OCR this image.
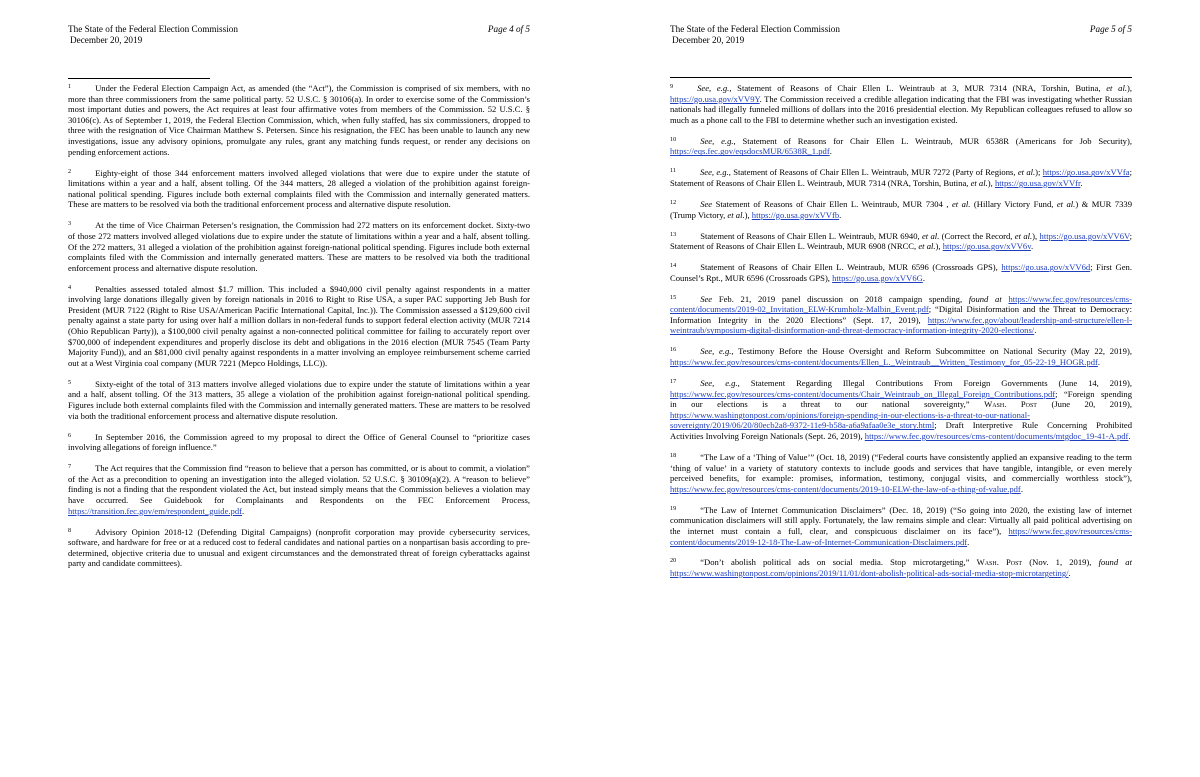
The State of the Federal Election Commission
December 20, 2019
Page 4 of 5

$^1$	Under the Federal Election Campaign Act, as amended (the “Act”), the Commission is comprised of six members, with no more than three commissioners from the same political party. 52 U.S.C. § 30106(a). In order to exercise some of the Commission’s most important duties and powers, the Act requires at least four affirmative votes from members of the Commission. 52 U.S.C. § 30106(c). As of September 1, 2019, the Federal Election Commission, which, when fully staffed, has six commissioners, dropped to three with the resignation of Vice Chairman Matthew S. Petersen. Since his resignation, the FEC has been unable to launch any new investigations, issue any advisory opinions, promulgate any rules, grant any matching funds request, or render any decisions on pending enforcement actions.

$^2$	Eighty-eight of those 344 enforcement matters involved alleged violations that were due to expire under the statute of limitations within a year and a half, absent tolling. Of the 344 matters, 28 alleged a violation of the prohibition against foreign-national political spending. Figures include both external complaints filed with the Commission and internally generated matters. These are matters to be resolved via both the traditional enforcement process and alternative dispute resolution.

$^3$	At the time of Vice Chairman Petersen’s resignation, the Commission had 272 matters on its enforcement docket. Sixty-two of those 272 matters involved alleged violations due to expire under the statute of limitations within a year and a half, absent tolling. Of the 272 matters, 31 alleged a violation of the prohibition against foreign-national political spending. Figures include both external complaints filed with the Commission and internally generated matters. These are matters to be resolved via both the traditional enforcement process and alternative dispute resolution.

$^4$	Penalties assessed totaled almost $1.7 million. This included a $940,000 civil penalty against respondents in a matter involving large donations illegally given by foreign nationals in 2016 to Right to Rise USA, a super PAC supporting Jeb Bush for President (MUR 7122 (Right to Rise USA/American Pacific International Capital, Inc.)). The Commission assessed a $129,600 civil penalty against a state party for using over half a million dollars in non-federal funds to support federal election activity (MUR 7214 (Ohio Republican Party)), a $100,000 civil penalty against a non-connected political committee for failing to accurately report over $700,000 of independent expenditures and properly disclose its debt and obligations in the 2016 election (MUR 7545 (Team Party Majority Fund)), and an $81,000 civil penalty against respondents in a matter involving an employee reimbursement scheme carried out at a West Virginia coal company (MUR 7221 (Mepco Holdings, LLC)).

$^5$	Sixty-eight of the total of 313 matters involve alleged violations due to expire under the statute of limitations within a year and a half, absent tolling. Of the 313 matters, 35 allege a violation of the prohibition against foreign-national political spending. Figures include both external complaints filed with the Commission and internally generated matters. These are matters to be resolved via both the traditional enforcement process and alternative dispute resolution.

$^6$	In September 2016, the Commission agreed to my proposal to direct the Office of General Counsel to “prioritize cases involving allegations of foreign influence.”

$^7$	The Act requires that the Commission find “reason to believe that a person has committed, or is about to commit, a violation” of the Act as a precondition to opening an investigation into the alleged violation. 52 U.S.C. § 30109(a)(2). A “reason to believe” finding is not a finding that the respondent violated the Act, but instead simply means that the Commission believes a violation may have occurred. See Guidebook for Complainants and Respondents on the FEC Enforcement Process, https://transition.fec.gov/em/respondent_guide.pdf.

$^8$	Advisory Opinion 2018-12 (Defending Digital Campaigns) (nonprofit corporation may provide cybersecurity services, software, and hardware for free or at a reduced cost to federal candidates and national parties on a nonpartisan basis according to pre-determined, objective criteria due to unusual and exigent circumstances and the demonstrated threat of foreign cyberattacks against party and candidate committees).

The State of the Federal Election Commission
December 20, 2019
Page 5 of 5

$^9$	See, e.g., Statement of Reasons of Chair Ellen L. Weintraub at 3, MUR 7314 (NRA, Torshin, Butina, et al.), https://go.usa.gov/xVV9Y. The Commission received a credible allegation indicating that the FBI was investigating whether Russian nationals had illegally funneled millions of dollars into the 2016 presidential election. My Republican colleagues refused to allow so much as a phone call to the FBI to determine whether such an investigation existed.

$^{10}$	See, e.g., Statement of Reasons for Chair Ellen L. Weintraub, MUR 6538R (Americans for Job Security), https://eqs.fec.gov/eqsdocsMUR/6538R_1.pdf.

$^{11}$	See, e.g., Statement of Reasons of Chair Ellen L. Weintraub, MUR 7272 (Party of Regions, et al.); https://go.usa.gov/xVVfa; Statement of Reasons of Chair Ellen L. Weintraub, MUR 7314 (NRA, Torshin, Butina, et al.), https://go.usa.gov/xVVfr.

$^{12}$	See Statement of Reasons of Chair Ellen L. Weintraub, MUR 7304 , et al. (Hillary Victory Fund, et al.) & MUR 7339 (Trump Victory, et al.), https://go.usa.gov/xVVfb.

$^{13}$	Statement of Reasons of Chair Ellen L. Weintraub, MUR 6940, et al. (Correct the Record, et al.), https://go.usa.gov/xVV6V; Statement of Reasons of Chair Ellen L. Weintraub, MUR 6908 (NRCC, et al.), https://go.usa.gov/xVV6v.

$^{14}$	Statement of Reasons of Chair Ellen L. Weintraub, MUR 6596 (Crossroads GPS), https://go.usa.gov/xVV6d; First Gen. Counsel’s Rpt., MUR 6596 (Crossroads GPS), https://go.usa.gov/xVV6G.

$^{15}$	See Feb. 21, 2019 panel discussion on 2018 campaign spending, found at https://www.fec.gov/resources/cms-content/documents/2019-02_Invitation_ELW-Krumholz-Malbin_Event.pdf; “Digital Disinformation and the Threat to Democracy: Information Integrity in the 2020 Elections” (Sept. 17, 2019), https://www.fec.gov/about/leadership-and-structure/ellen-l-weintraub/symposium-digital-disinformation-and-threat-democracy-information-integrity-2020-elections/.

$^{16}$	See, e.g., Testimony Before the House Oversight and Reform Subcommittee on National Security (May 22, 2019), https://www.fec.gov/resources/cms-content/documents/Ellen_L._Weintraub__Written_Testimony_for_05-22-19_HOGR.pdf.

$^{17}$	See, e.g., Statement Regarding Illegal Contributions From Foreign Governments (June 14, 2019), https://www.fec.gov/resources/cms-content/documents/Chair_Weintraub_on_Illegal_Foreign_Contributions.pdf; “Foreign spending in our elections is a threat to our national sovereignty,” Wash. Post (June 20, 2019), https://www.washingtonpost.com/opinions/foreign-spending-in-our-elections-is-a-threat-to-our-national-sovereignty/2019/06/20/80ecb2a8-9372-11e9-b58a-a6a9afaa0e3e_story.html; Draft Interpretive Rule Concerning Prohibited Activities Involving Foreign Nationals (Sept. 26, 2019), https://www.fec.gov/resources/cms-content/documents/mtgdoc_19-41-A.pdf.

$^{18}$	“The Law of a ‘Thing of Value’” (Oct. 18, 2019) (“Federal courts have consistently applied an expansive reading to the term ‘thing of value’ in a variety of statutory contexts to include goods and services that have tangible, intangible, or even merely perceived benefits, for example: promises, information, testimony, conjugal visits, and commercially worthless stock”), https://www.fec.gov/resources/cms-content/documents/2019-10-ELW-the-law-of-a-thing-of-value.pdf.

$^{19}$	“The Law of Internet Communication Disclaimers” (Dec. 18, 2019) (“So going into 2020, the existing law of internet communication disclaimers will still apply. Fortunately, the law remains simple and clear: Virtually all paid political advertising on the internet must contain a full, clear, and conspicuous disclaimer on its face”), https://www.fec.gov/resources/cms-content/documents/2019-12-18-The-Law-of-Internet-Communication-Disclaimers.pdf.

$^{20}$	“Don’t abolish political ads on social media. Stop microtargeting,” Wash. Post (Nov. 1, 2019), found at https://www.washingtonpost.com/opinions/2019/11/01/dont-abolish-political-ads-social-media-stop-microtargeting/.
